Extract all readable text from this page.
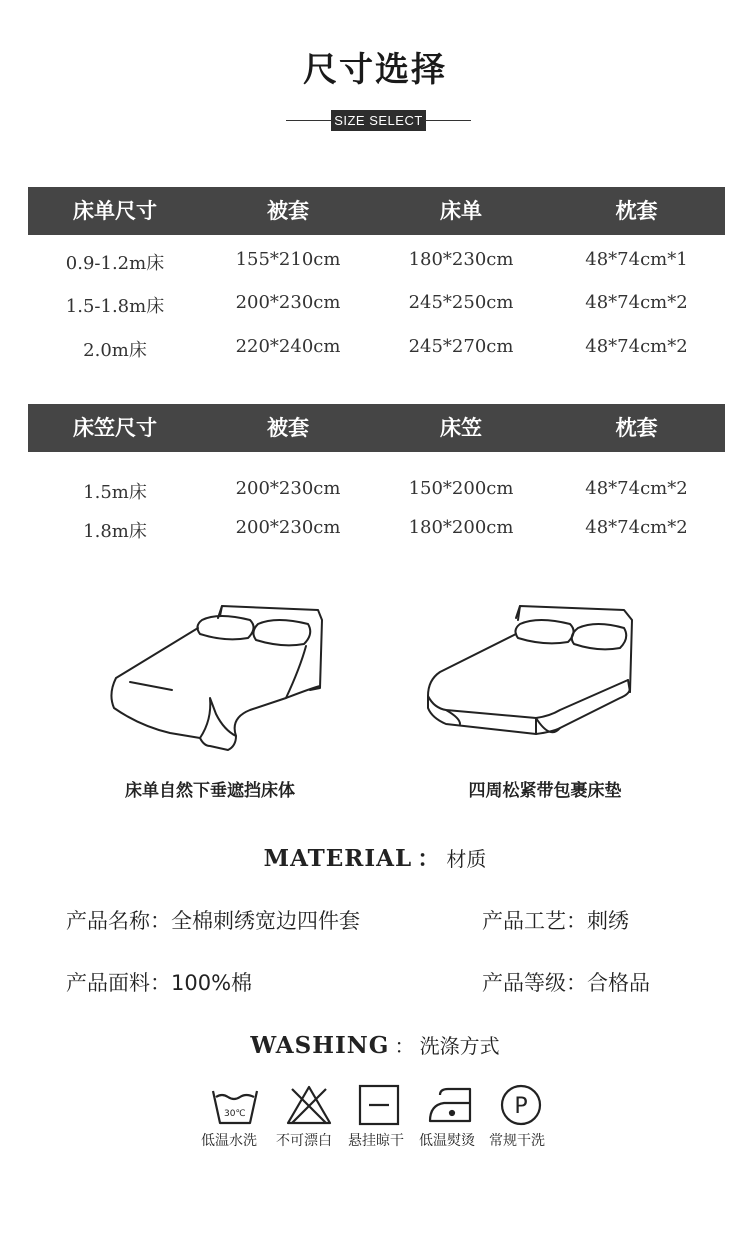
尺寸选择
SIZE SELECT
床单尺寸	被套	床单	枕套
0.9-1.2m床	155*210cm	180*230cm	48*74cm*1
1.5-1.8m床	200*230cm	245*250cm	48*74cm*2
2.0m床	220*240cm	245*270cm	48*74cm*2
床笠尺寸	被套	床笠	枕套
1.5m床	200*230cm	150*200cm	48*74cm*2
1.8m床	200*230cm	180*200cm	48*74cm*2
床单自然下垂遮挡床体	四周松紧带包裹床垫
MATERIAL ： 材质
产品名称：全棉刺绣宽边四件套	产品工艺：刺绣
产品面料：100%棉	产品等级：合格品
WASHING ： 洗涤方式
30℃	P
低温水洗 不可漂白 悬挂晾干 低温熨烫 常规干洗
